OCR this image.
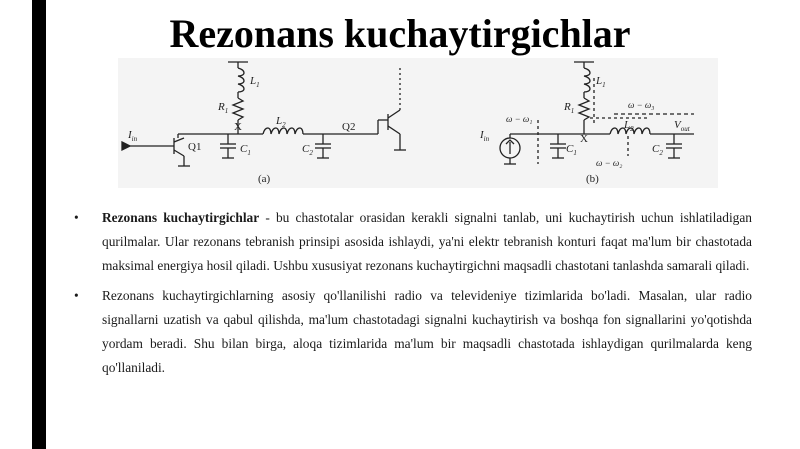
Rezonans kuchaytirgichlar
$L_1$
$R_1$
X	$L_2$
Q1
Q2
$C_1$	$C_2$
$I_{in}$
(a)
$L_1$
$R_1$
X
$L_2$
$C_1$	$C_2$
$I_{in}$
$V_{out}$
ω − ω₁
ω − ω₃
ω − ω₂
(b)
• Rezonans kuchaytirgichlar - bu chastotalar orasidan kerakli signalni tanlab, uni kuchaytirish uchun ishlatiladigan qurilmalar. Ular rezonans tebranish prinsipi asosida ishlaydi, ya'ni elektr tebranish konturi faqat ma'lum bir chastotada maksimal energiya hosil qiladi. Ushbu xususiyat rezonans kuchaytirgichni maqsadli chastotani tanlashda samarali qiladi.
• Rezonans kuchaytirgichlarning asosiy qo'llanilishi radio va televideniye tizimlarida bo'ladi. Masalan, ular radio signallarni uzatish va qabul qilishda, ma'lum chastotadagi signalni kuchaytirish va boshqa fon signallarini yo'qotishda yordam beradi. Shu bilan birga, aloqa tizimlarida ma'lum bir maqsadli chastotada ishlaydigan qurilmalarda keng qo'llaniladi.
